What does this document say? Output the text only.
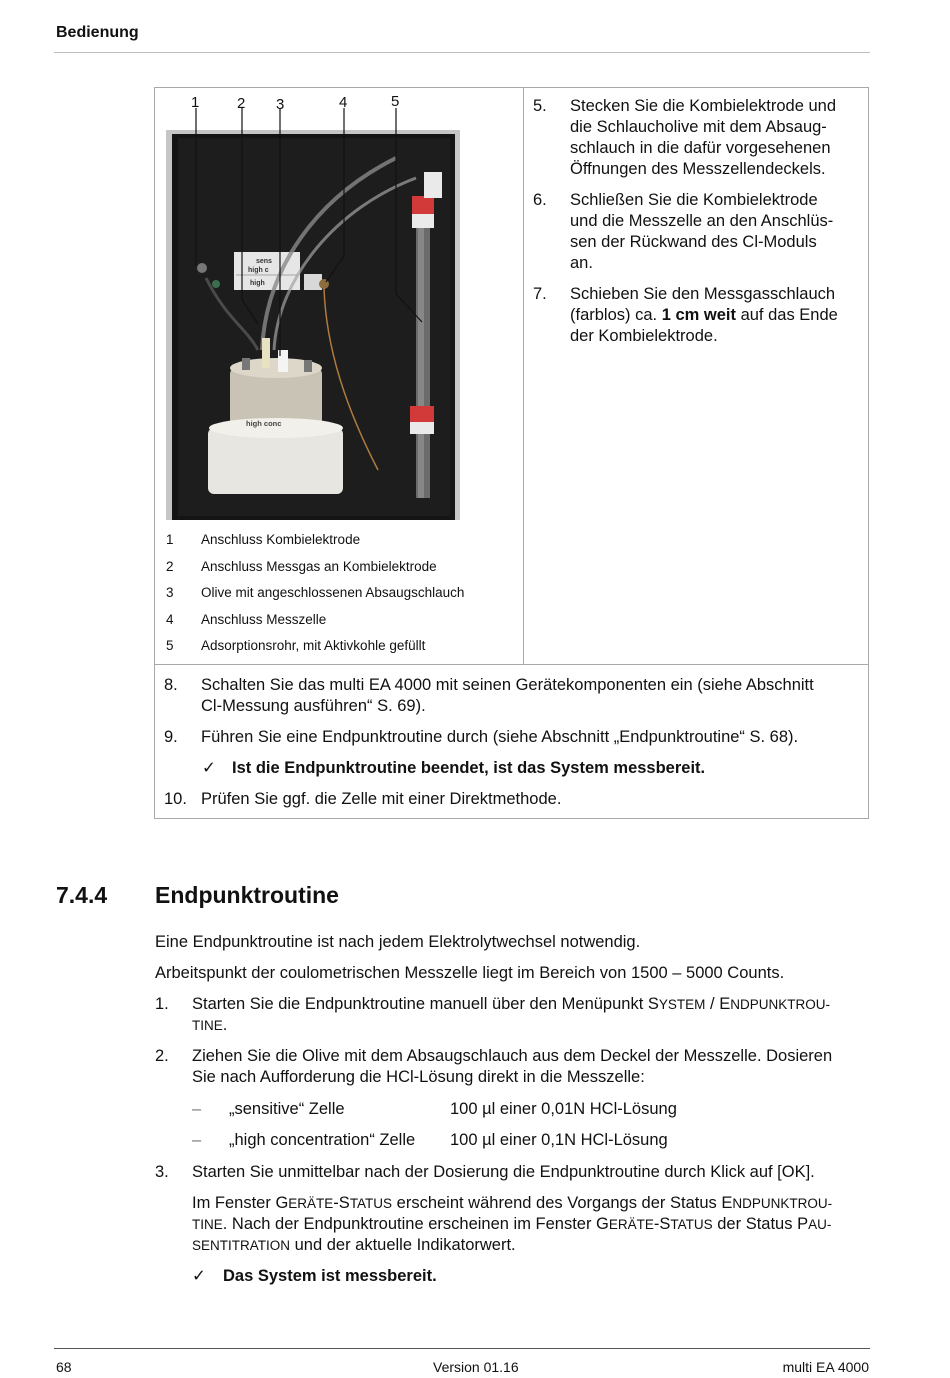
Bedienung
sens
high c
high
high conc
1	2 3	4	5
1 Anschluss Kombielektrode
2 Anschluss Messgas an Kombielektrode
3 Olive mit angeschlossenen Absaugschlauch
4 Anschluss Messzelle
5 Adsorptionsrohr, mit Aktivkohle gefüllt
5. Stecken Sie die Kombielektrode und
die Schlaucholive mit dem Absaug-
schlauch in die dafür vorgesehenen
Öffnungen des Messzellendeckels.
6. Schließen Sie die Kombielektrode
und die Messzelle an den Anschlüs-
sen der Rückwand des Cl-Moduls
an.
7. Schieben Sie den Messgasschlauch
(farblos) ca. 1 cm weit auf das Ende
der Kombielektrode.
8. Schalten Sie das multi EA 4000 mit seinen Gerätekomponenten ein (siehe Abschnitt
Cl-Messung ausführen“ S. 69).
9. Führen Sie eine Endpunktroutine durch (siehe Abschnitt „Endpunktroutine“ S. 68).
✓ Ist die Endpunktroutine beendet, ist das System messbereit.
10. Prüfen Sie ggf. die Zelle mit einer Direktmethode.
7.4.4 Endpunktroutine
Eine Endpunktroutine ist nach jedem Elektrolytwechsel notwendig.
Arbeitspunkt der coulometrischen Messzelle liegt im Bereich von 1500 – 5000 Counts.
1. Starten Sie die Endpunktroutine manuell über den Menüpunkt SYSTEM / ENDPUNKTROU-
TINE.
2. Ziehen Sie die Olive mit dem Absaugschlauch aus dem Deckel der Messzelle. Dosieren
Sie nach Aufforderung die HCl-Lösung direkt in die Messzelle:
– „sensitive“ Zelle	100 µl einer 0,01N HCl-Lösung
– „high concentration“ Zelle 100 µl einer 0,1N HCl-Lösung
3. Starten Sie unmittelbar nach der Dosierung die Endpunktroutine durch Klick auf [OK].
Im Fenster GERÄTE-STATUS erscheint während des Vorgangs der Status ENDPUNKTROU-
TINE. Nach der Endpunktroutine erscheinen im Fenster GERÄTE-STATUS der Status PAU-
SENTITRATION und der aktuelle Indikatorwert.
✓ Das System ist messbereit.
68	Version 01.16	multi EA 4000
